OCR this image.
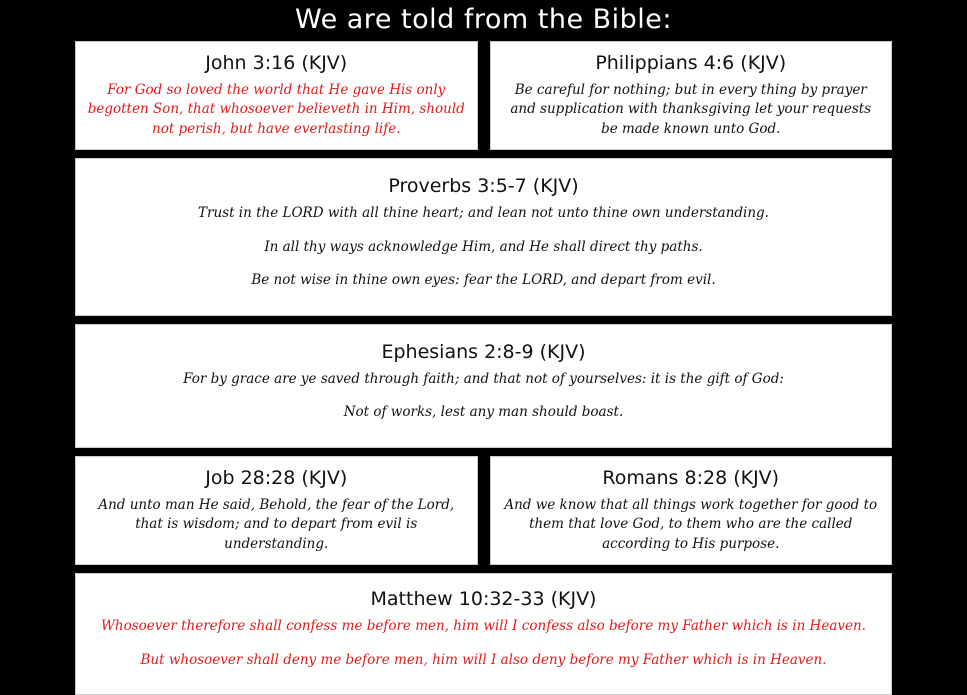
We are told from the Bible:
John 3:16 (KJV)

For God so loved the world that He gave His only begotten Son, that whosoever believeth in Him, should not perish, but have everlasting life.

Philippians 4:6 (KJV)

Be careful for nothing; but in every thing by prayer and supplication with thanksgiving let your requests be made known unto God.

Proverbs 3:5-7 (KJV)

Trust in the LORD with all thine heart; and lean not unto thine own understanding.

In all thy ways acknowledge Him, and He shall direct thy paths.

Be not wise in thine own eyes: fear the LORD, and depart from evil.

Ephesians 2:8-9 (KJV)

For by grace are ye saved through faith; and that not of yourselves: it is the gift of God:

Not of works, lest any man should boast.

Job 28:28 (KJV)

And unto man He said, Behold, the fear of the Lord, that is wisdom; and to depart from evil is understanding.

Romans 8:28 (KJV)

And we know that all things work together for good to them that love God, to them who are the called according to His purpose.

Matthew 10:32-33 (KJV)

Whosoever therefore shall confess me before men, him will I confess also before my Father which is in Heaven.

But whosoever shall deny me before men, him will I also deny before my Father which is in Heaven.
